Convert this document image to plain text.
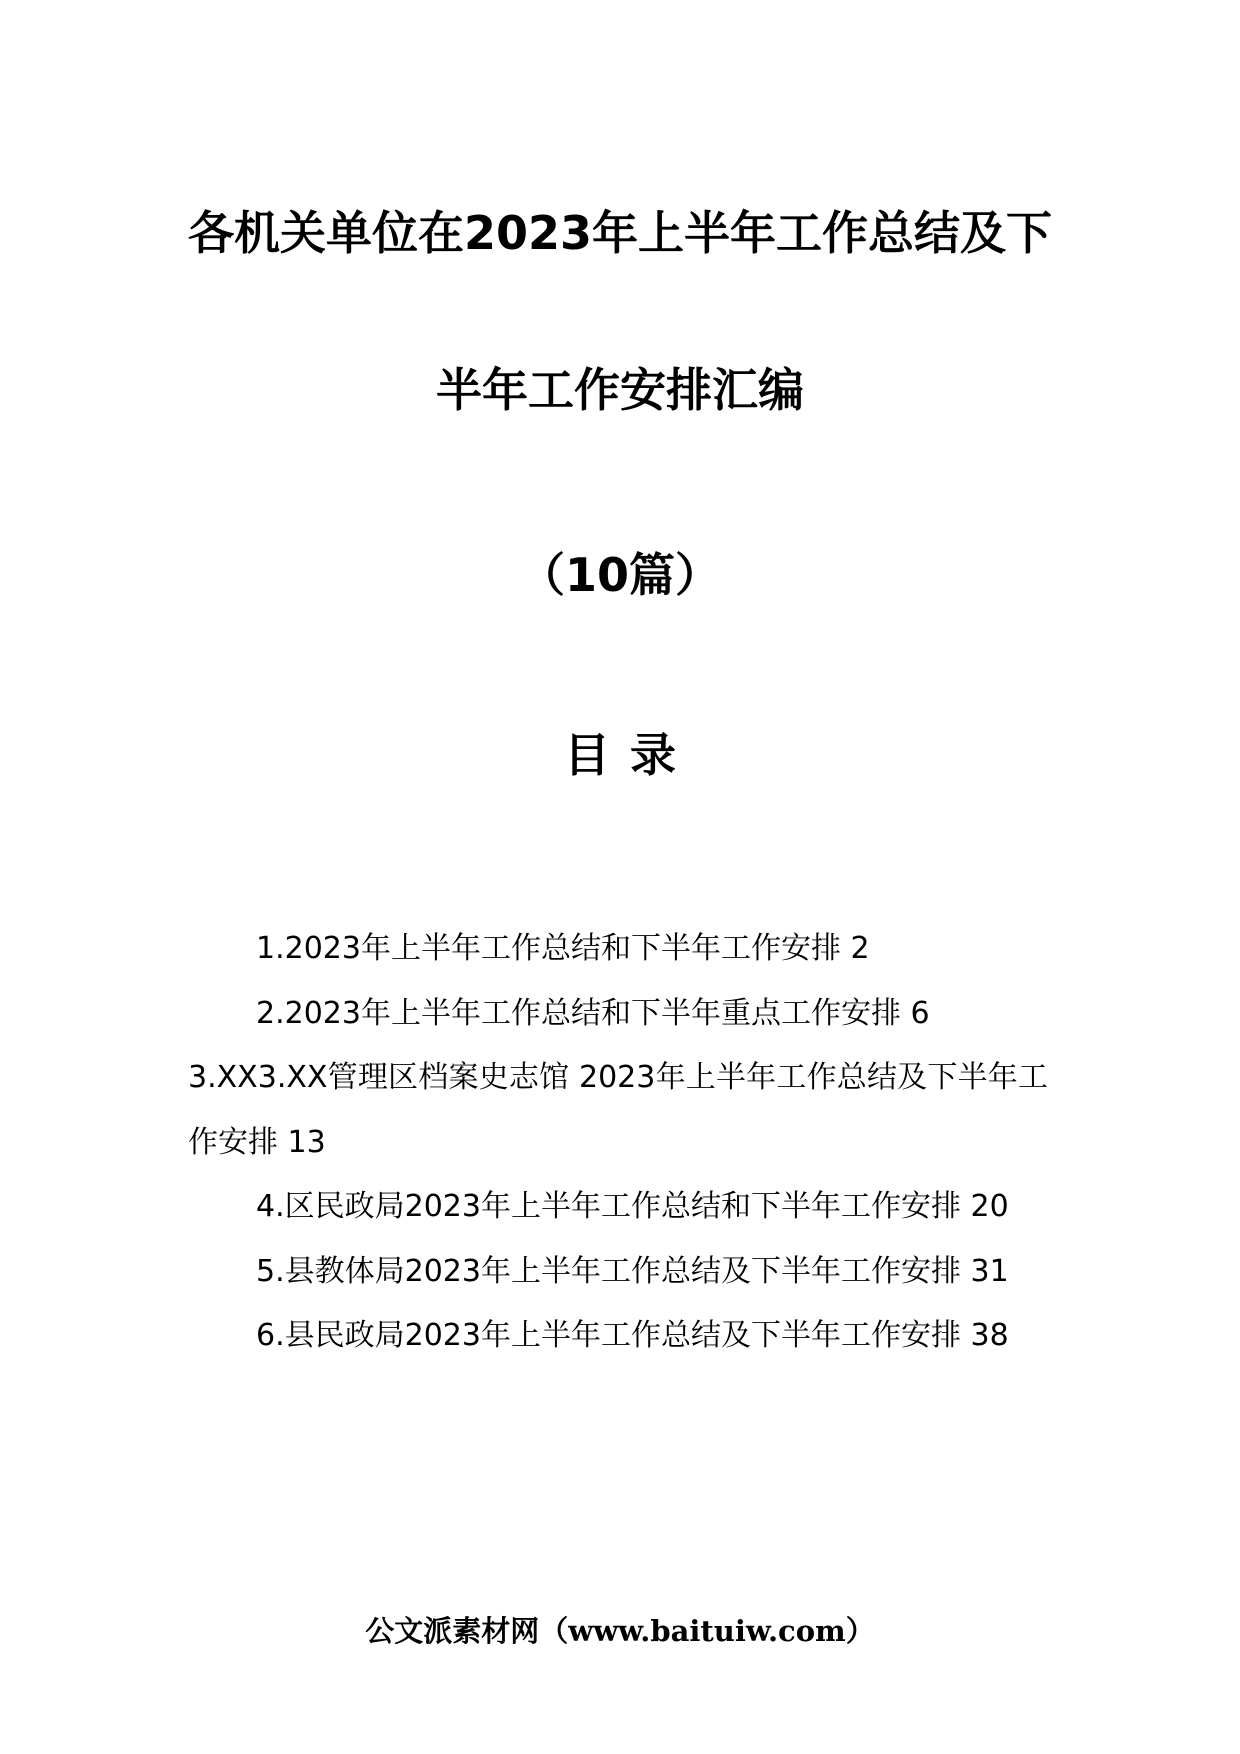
各机关单位在2023年上半年工作总结及下
半年工作安排汇编
（10篇）
目录

1.2023年上半年工作总结和下半年工作安排 2

2.2023年上半年工作总结和下半年重点工作安排 6

3.XX3.XX管理区档案史志馆 2023年上半年工作总结及下半年工作安排 13

4.区民政局2023年上半年工作总结和下半年工作安排 20

5.县教体局2023年上半年工作总结及下半年工作安排 31

6.县民政局2023年上半年工作总结及下半年工作安排 38

公文派素材网（www.baituiw.com）
